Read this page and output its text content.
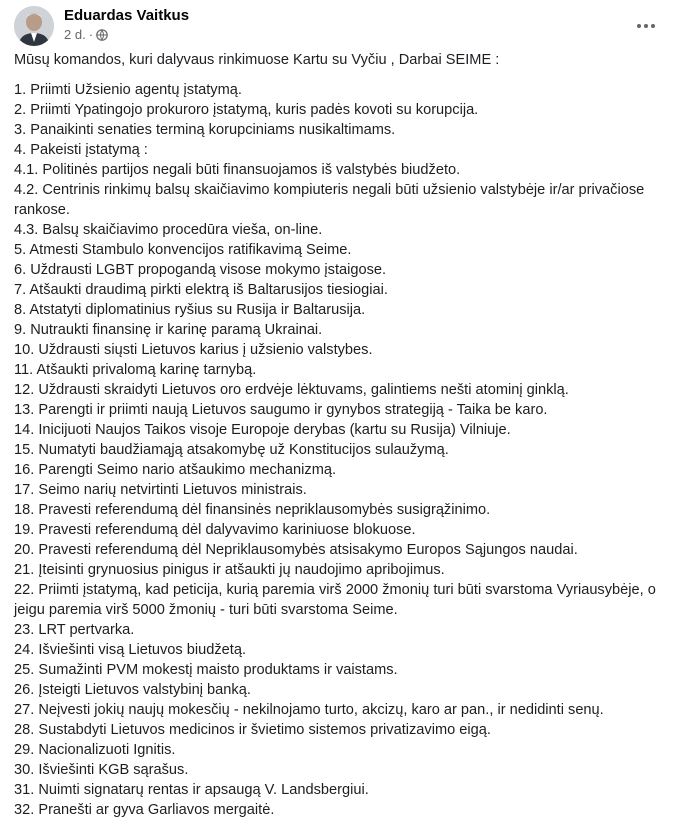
Eduardas Vaitkus
2 d. ·

Mūsų komandos, kuri dalyvaus rinkimuose Kartu su Vyčiu , Darbai SEIME :

1. Priimti Užsienio agentų įstatymą.

2. Priimti Ypatingojo prokuroro įstatymą, kuris padės kovoti su korupcija.

3. Panaikinti senaties terminą korupciniams nusikaltimams.

4. Pakeisti įstatymą :

4.1. Politinės partijos negali būti finansuojamos iš valstybės biudžeto.

4.2. Centrinis rinkimų balsų skaičiavimo kompiuteris negali būti užsienio valstybėje ir/ar privačiose rankose.

4.3. Balsų skaičiavimo procedūra vieša, on-line.

5. Atmesti Stambulo konvencijos ratifikavimą Seime.

6. Uždrausti LGBT propogandą visose mokymo įstaigose.

7. Atšaukti draudimą pirkti elektrą iš Baltarusijos tiesiogiai.

8. Atstatyti diplomatinius ryšius su Rusija ir Baltarusija.

9. Nutraukti finansinę ir karinę paramą Ukrainai.

10. Uždrausti siųsti Lietuvos karius į užsienio valstybes.

11. Atšaukti privalomą karinę tarnybą.

12. Uždrausti skraidyti Lietuvos oro erdvėje lėktuvams, galintiems nešti atominį ginklą.

13. Parengti ir priimti naują Lietuvos saugumo ir gynybos strategiją - Taika be karo.

14. Inicijuoti Naujos Taikos visoje Europoje derybas (kartu su Rusija) Vilniuje.

15. Numatyti baudžiamąją atsakomybę už Konstitucijos sulaužymą.

16. Parengti Seimo nario atšaukimo mechanizmą.

17. Seimo narių netvirtinti Lietuvos ministrais.

18. Pravesti referendumą dėl finansinės nepriklausomybės susigrąžinimo.

19. Pravesti referendumą dėl dalyvavimo kariniuose blokuose.

20. Pravesti referendumą dėl Nepriklausomybės atsisakymo Europos Sąjungos naudai.

21. Įteisinti grynuosius pinigus ir atšaukti jų naudojimo apribojimus.

22. Priimti įstatymą, kad peticija, kurią paremia virš 2000 žmonių turi būti svarstoma Vyriausybėje, o jeigu paremia virš 5000 žmonių - turi būti svarstoma Seime.

23. LRT pertvarka.

24. Išviešinti visą Lietuvos biudžetą.

25. Sumažinti PVM mokestį maisto produktams ir vaistams.

26. Įsteigti Lietuvos valstybinį banką.

27. Neįvesti jokių naujų mokesčių - nekilnojamo turto, akcizų, karo ar pan., ir nedidinti senų.

28. Sustabdyti Lietuvos medicinos ir švietimo sistemos privatizavimo eigą.

29. Nacionalizuoti Ignitis.

30. Išviešinti KGB sąrašus.

31. Nuimti signatarų rentas ir apsaugą V. Landsbergiui.

32. Pranešti ar gyva Garliavos mergaitė.
